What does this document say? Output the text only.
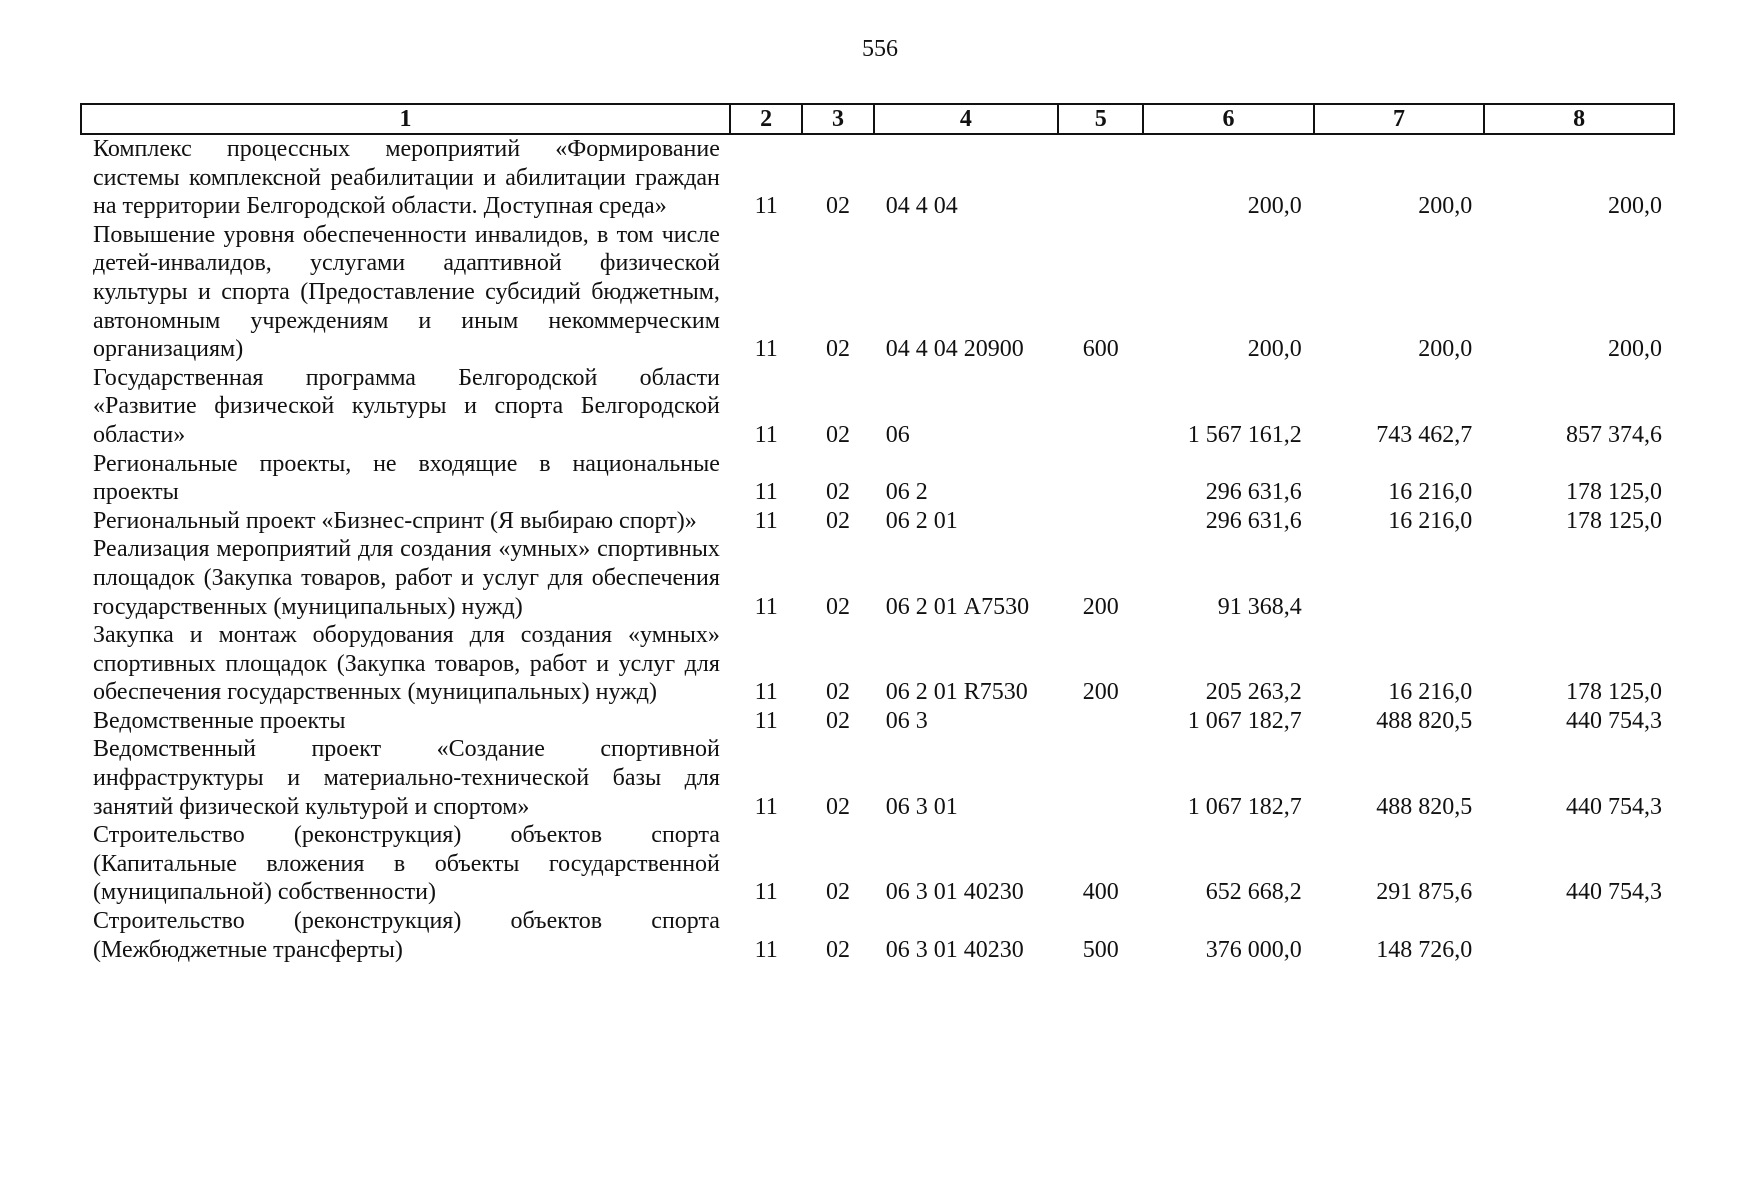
556
1	2	3	4	5	6	7	8
Комплекс процессных мероприятий «Формирование системы комплексной реабилитации и абилитации граждан на территории Белгородской области. Доступная среда»	11	02	04 4 04		200,0	200,0	200,0
Повышение уровня обеспеченности инвалидов, в том числе детей-инвалидов, услугами адаптивной физической культуры и спорта (Предоставление субсидий бюджетным, автономным учреждениям и иным некоммерческим организациям)	11	02	04 4 04 20900	600	200,0	200,0	200,0
Государственная программа Белгородской области «Развитие физической культуры и спорта Белгородской области»	11	02	06		1 567 161,2	743 462,7	857 374,6
Региональные проекты, не входящие в национальные проекты	11	02	06 2		296 631,6	16 216,0	178 125,0
Региональный проект «Бизнес-спринт (Я выбираю спорт)»	11	02	06 2 01		296 631,6	16 216,0	178 125,0
Реализация мероприятий для создания «умных» спортивных площадок (Закупка товаров, работ и услуг для обеспечения государственных (муниципальных) нужд)	11	02	06 2 01 А7530	200	91 368,4		
Закупка и монтаж оборудования для создания «умных» спортивных площадок (Закупка товаров, работ и услуг для обеспечения государственных (муниципальных) нужд)	11	02	06 2 01 R7530	200	205 263,2	16 216,0	178 125,0
Ведомственные проекты	11	02	06 3		1 067 182,7	488 820,5	440 754,3
Ведомственный проект «Создание спортивной инфраструктуры и материально-технической базы для занятий физической культурой и спортом»	11	02	06 3 01		1 067 182,7	488 820,5	440 754,3
Строительство (реконструкция) объектов спорта (Капитальные вложения в объекты государственной (муниципальной) собственности)	11	02	06 3 01 40230	400	652 668,2	291 875,6	440 754,3
Строительство (реконструкция) объектов спорта (Межбюджетные трансферты)	11	02	06 3 01 40230	500	376 000,0	148 726,0	
